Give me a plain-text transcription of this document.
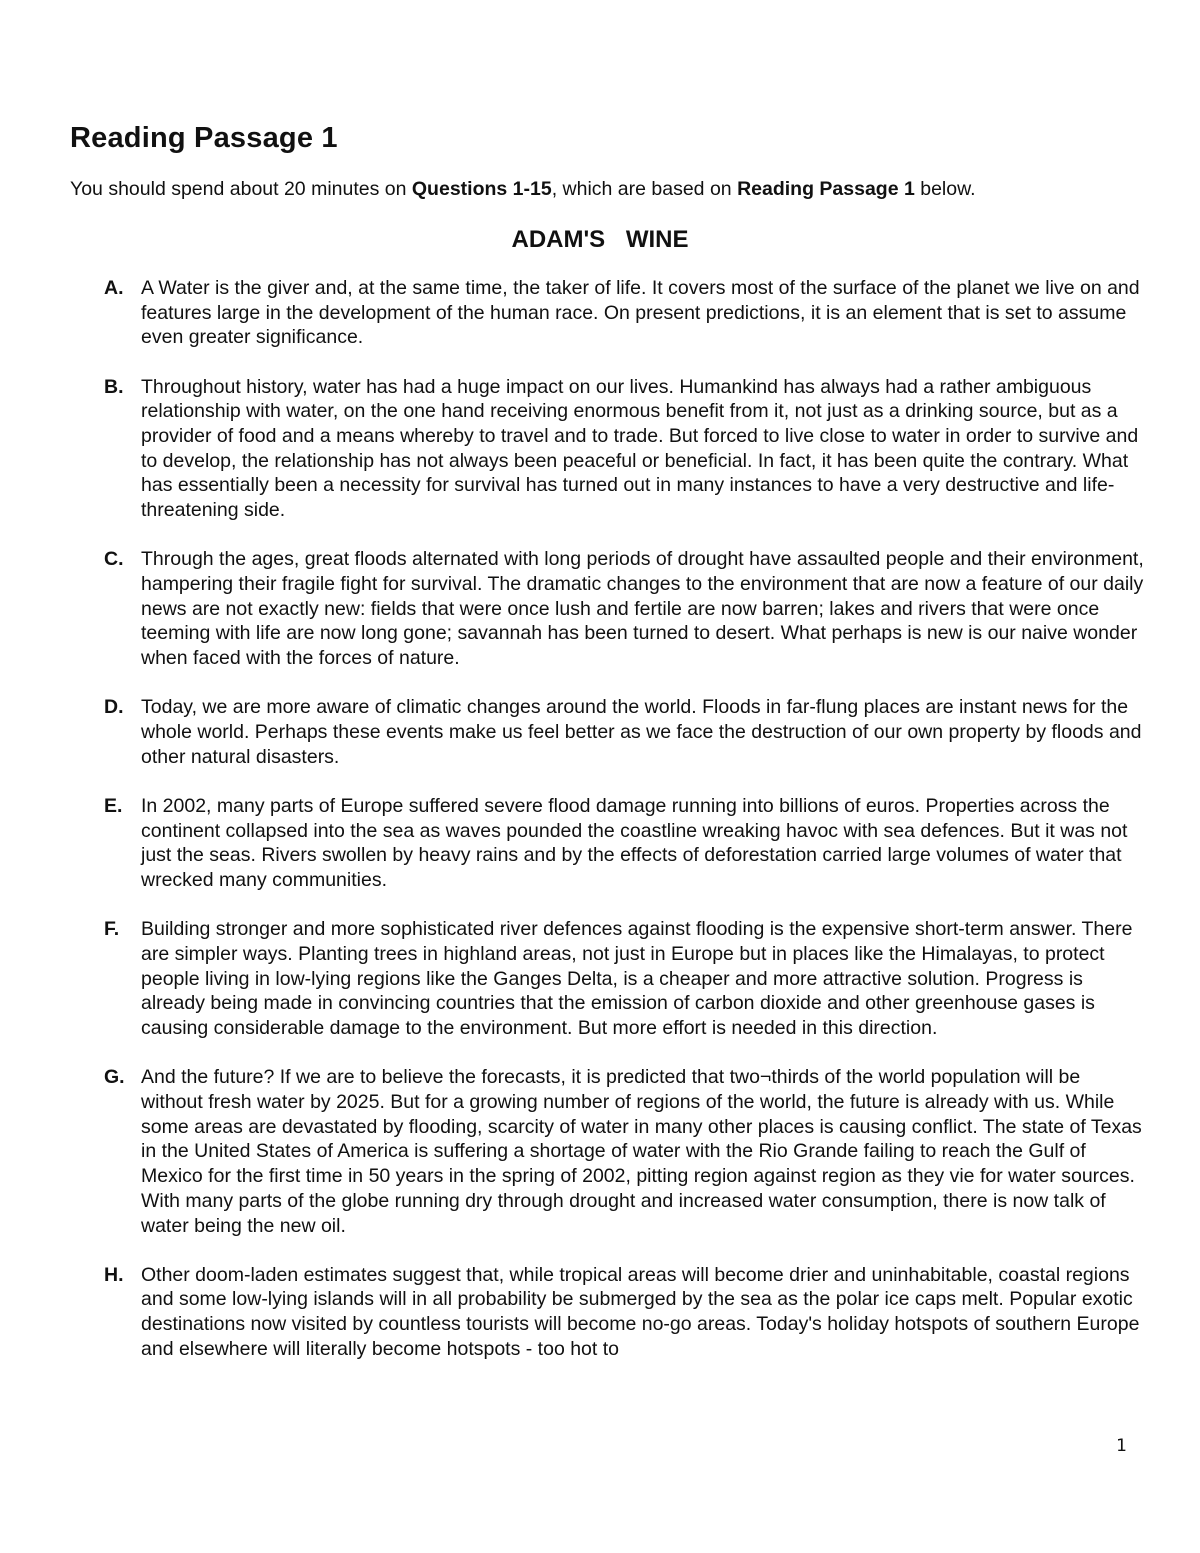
Reading Passage 1

You should spend about 20 minutes on Questions 1-15, which are based on Reading Passage 1 below.

ADAM'S WINE
A. A Water is the giver and, at the same time, the taker of life. It covers most of the surface of the planet we live on and features large in the development of the human race. On present predictions, it is an element that is set to assume even greater significance.

B. Throughout history, water has had a huge impact on our lives. Humankind has always had a rather ambiguous relationship with water, on the one hand receiving enormous benefit from it, not just as a drinking source, but as a provider of food and a means whereby to travel and to trade. But forced to live close to water in order to survive and to develop, the relationship has not always been peaceful or beneficial. In fact, it has been quite the contrary. What has essentially been a necessity for survival has turned out in many instances to have a very destructive and life-threatening side.

C. Through the ages, great floods alternated with long periods of drought have assaulted people and their environment, hampering their fragile fight for survival. The dramatic changes to the environment that are now a feature of our daily news are not exactly new: fields that were once lush and fertile are now barren; lakes and rivers that were once teeming with life are now long gone; savannah has been turned to desert. What perhaps is new is our naive wonder when faced with the forces of nature.

D. Today, we are more aware of climatic changes around the world. Floods in far-flung places are instant news for the whole world. Perhaps these events make us feel better as we face the destruction of our own property by floods and other natural disasters.

E. In 2002, many parts of Europe suffered severe flood damage running into billions of euros. Properties across the continent collapsed into the sea as waves pounded the coastline wreaking havoc with sea defences. But it was not just the seas. Rivers swollen by heavy rains and by the effects of deforestation carried large volumes of water that wrecked many communities.

F.	Building stronger and more sophisticated river defences against flooding is the expensive short-term answer. There are simpler ways. Planting trees in highland areas, not just in Europe but in places like the Himalayas, to protect people living in low-lying regions like the Ganges Delta, is a cheaper and more attractive solution. Progress is already being made in convincing countries that the emission of carbon dioxide and other greenhouse gases is causing considerable damage to the environment. But more effort is needed in this direction.

G. And the future? If we are to believe the forecasts, it is predicted that two¬thirds of the world population will be without fresh water by 2025. But for a growing number of regions of the world, the future is already with us. While some areas are devastated by flooding, scarcity of water in many other places is causing conflict. The state of Texas in the United States of America is suffering a shortage of water with the Rio Grande failing to reach the Gulf of Mexico for the first time in 50 years in the spring of 2002, pitting region against region as they vie for water sources. With many parts of the globe running dry through drought and increased water consumption, there is now talk of water being the new oil.

H. Other doom-laden estimates suggest that, while tropical areas will become drier and uninhabitable, coastal regions and some low-lying islands will in all probability be submerged by the sea as the polar ice caps melt. Popular exotic destinations now visited by countless tourists will become no-go areas. Today's holiday hotspots of southern Europe and elsewhere will literally become hotspots - too hot to

1
